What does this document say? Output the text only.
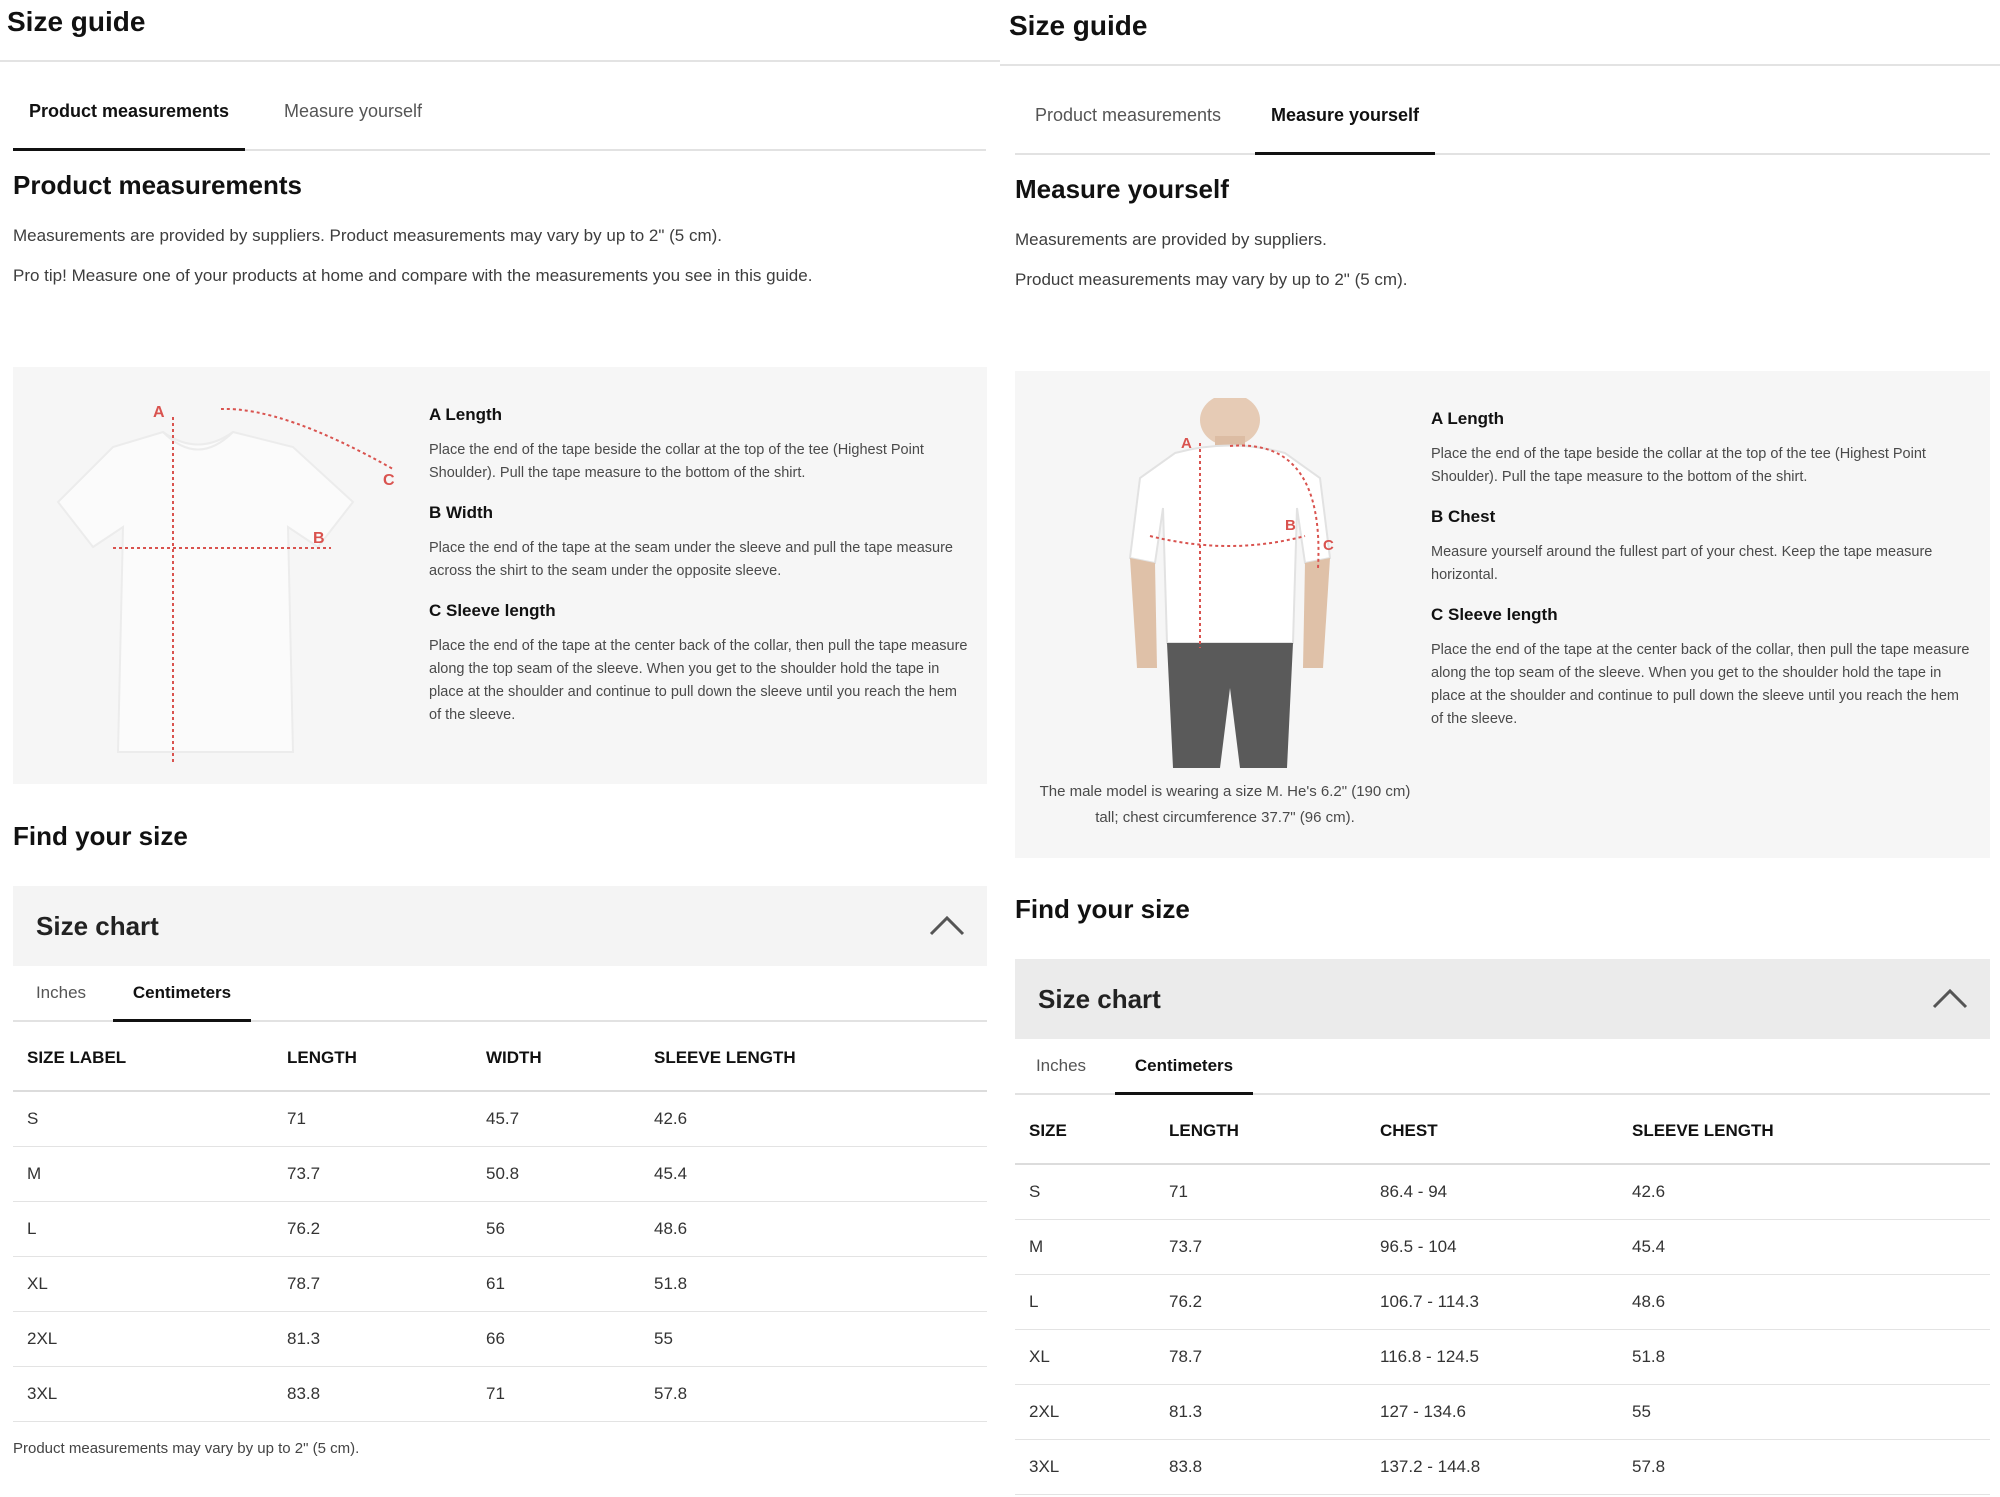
Size guide
Product measurements	Measure yourself
Product measurements

Measurements are provided by suppliers. Product measurements may vary by up to 2" (5 cm).

Pro tip! Measure one of your products at home and compare with the measurements you see in this guide.

A
B
C
A Length

Place the end of the tape beside the collar at the top of the tee (Highest Point Shoulder). Pull the tape measure to the bottom of the shirt.

B Width

Place the end of the tape at the seam under the sleeve and pull the tape measure across the shirt to the seam under the opposite sleeve.

C Sleeve length

Place the end of the tape at the center back of the collar, then pull the tape measure along the top seam of the sleeve. When you get to the shoulder hold the tape in place at the shoulder and continue to pull down the sleeve until you reach the hem of the sleeve.

Find your size
Size chart
Inches	Centimeters
SIZE LABEL	LENGTH	WIDTH	SLEEVE LENGTH
S	71	45.7	42.6
M	73.7	50.8	45.4
L	76.2	56	48.6
XL	78.7	61	51.8
2XL	81.3	66	55
3XL	83.8	71	57.8

Product measurements may vary by up to 2" (5 cm).

Size guide
Product measurements	Measure yourself
Measure yourself

Measurements are provided by suppliers.

Product measurements may vary by up to 2" (5 cm).

A
B
C

The male model is wearing a size M. He's 6.2" (190 cm) tall; chest circumference 37.7" (96 cm).

A Length

Place the end of the tape beside the collar at the top of the tee (Highest Point Shoulder). Pull the tape measure to the bottom of the shirt.

B Chest

Measure yourself around the fullest part of your chest. Keep the tape measure horizontal.

C Sleeve length

Place the end of the tape at the center back of the collar, then pull the tape measure along the top seam of the sleeve. When you get to the shoulder hold the tape in place at the shoulder and continue to pull down the sleeve until you reach the hem of the sleeve.

Find your size
Size chart
Inches	Centimeters
SIZE	LENGTH	CHEST	SLEEVE LENGTH
S	71	86.4 - 94	42.6
M	73.7	96.5 - 104	45.4
L	76.2	106.7 - 114.3	48.6
XL	78.7	116.8 - 124.5	51.8
2XL	81.3	127 - 134.6	55
3XL	83.8	137.2 - 144.8	57.8
